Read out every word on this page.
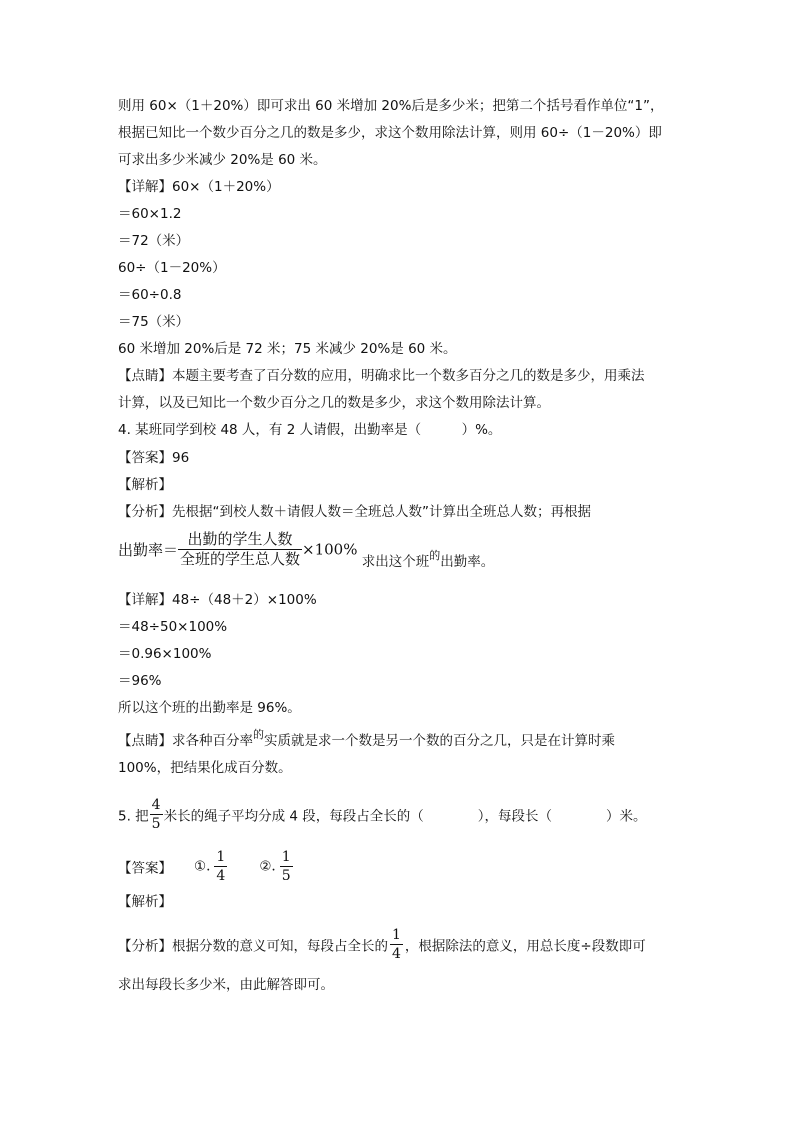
则用 60×（1＋20%）即可求出 60 米增加 20%后是多少米；把第二个括号看作单位“1”，
根据已知比一个数少百分之几的数是多少，求这个数用除法计算，则用 60÷（1－20%）即
可求出多少米减少 20%是 60 米。
【详解】60×（1＋20%）
＝60×1.2
＝72（米）
60÷（1－20%）
＝60÷0.8
＝75（米）
60 米增加 20%后是 72 米；75 米减少 20%是 60 米。
【点睛】本题主要考查了百分数的应用，明确求比一个数多百分之几的数是多少，用乘法
计算，以及已知比一个数少百分之几的数是多少，求这个数用除法计算。
4. 某班同学到校 48 人，有 2 人请假，出勤率是（　　　）%。
【答案】96
【解析】
【分析】先根据“到校人数＋请假人数＝全班总人数”计算出全班总人数；再根据
出勤率＝ $\frac{\text{出勤的学生人数}}{\text{全班的学生总人数}} \times 100\%$ 求出这个班$^的$出勤率。
【详解】48÷（48＋2）×100%
＝48÷50×100%
＝0.96×100%
＝96%
所以这个班的出勤率是 96%。
【点睛】求各种百分率$^的$实质就是求一个数是另一个数的百分之几，只是在计算时乘
100%，把结果化成百分数。
5. 把 $\frac{4}{5}$ 米长的绳子平均分成 4 段，每段占全长的（　　　　），每段长（　　　　）米。
【答案】 ①. $\frac{1}{4}$ ②. $\frac{1}{5}$
【解析】
【分析】根据分数的意义可知，每段占全长的 $\frac{1}{4}$ ，根据除法的意义，用总长度÷段数即可
求出每段长多少米，由此解答即可。
